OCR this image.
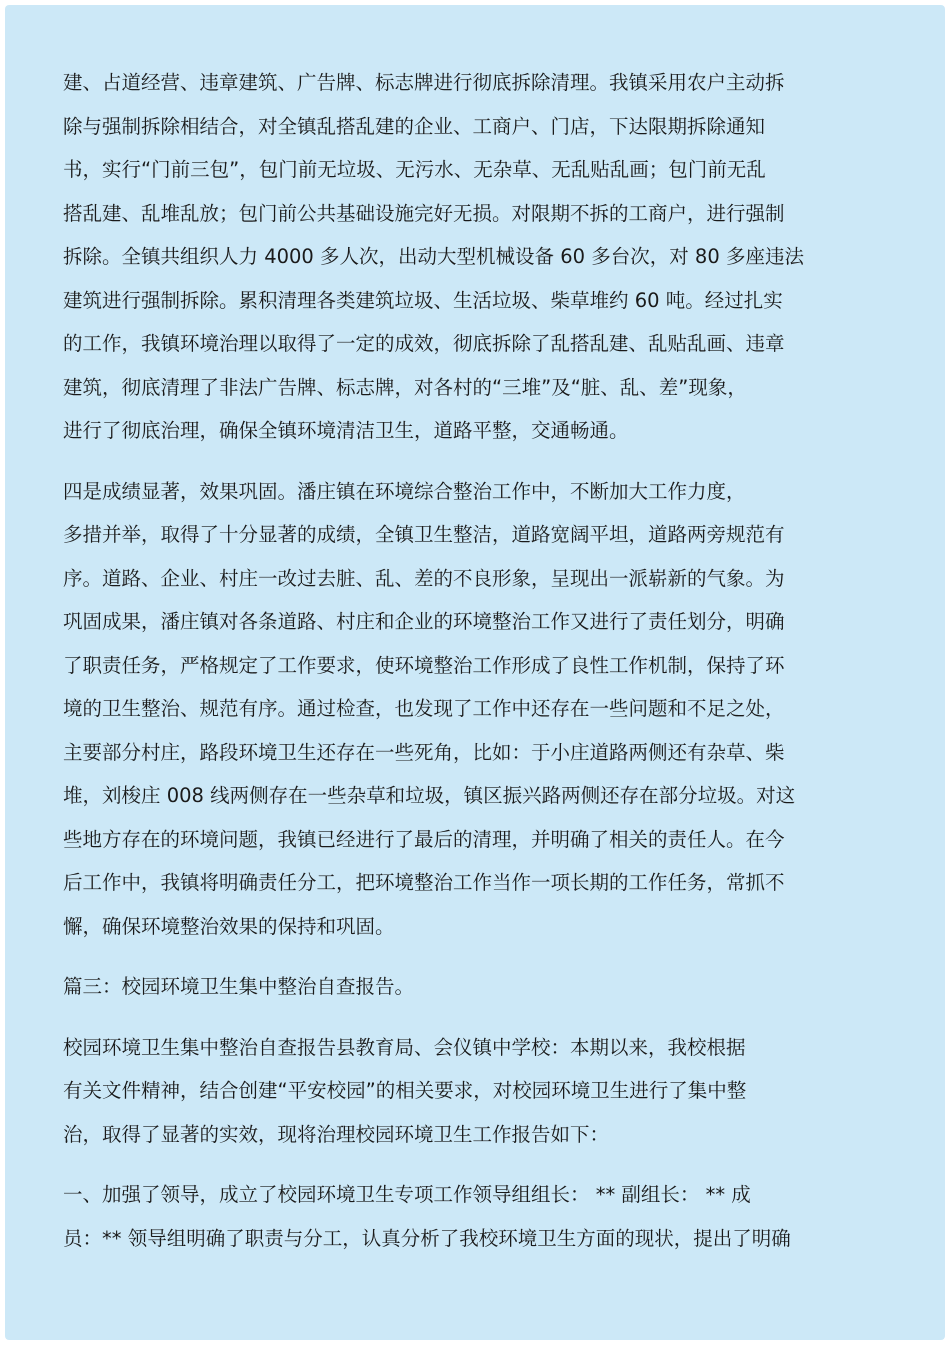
建、占道经营、违章建筑、广告牌、标志牌进行彻底拆除清理。我镇采用农户主动拆
除与强制拆除相结合，对全镇乱搭乱建的企业、工商户、门店，下达限期拆除通知
书，实行“门前三包”，包门前无垃圾、无污水、无杂草、无乱贴乱画；包门前无乱
搭乱建、乱堆乱放；包门前公共基础设施完好无损。对限期不拆的工商户，进行强制
拆除。全镇共组织人力 4000 多人次，出动大型机械设备 60 多台次，对 80 多座违法
建筑进行强制拆除。累积清理各类建筑垃圾、生活垃圾、柴草堆约 60 吨。经过扎实
的工作，我镇环境治理以取得了一定的成效，彻底拆除了乱搭乱建、乱贴乱画、违章
建筑，彻底清理了非法广告牌、标志牌，对各村的“三堆”及“脏、乱、差”现象，
进行了彻底治理，确保全镇环境清洁卫生，道路平整，交通畅通。
四是成绩显著，效果巩固。潘庄镇在环境综合整治工作中，不断加大工作力度，
多措并举，取得了十分显著的成绩，全镇卫生整洁，道路宽阔平坦，道路两旁规范有
序。道路、企业、村庄一改过去脏、乱、差的不良形象，呈现出一派崭新的气象。为
巩固成果，潘庄镇对各条道路、村庄和企业的环境整治工作又进行了责任划分，明确
了职责任务，严格规定了工作要求，使环境整治工作形成了良性工作机制，保持了环
境的卫生整治、规范有序。通过检查，也发现了工作中还存在一些问题和不足之处，
主要部分村庄，路段环境卫生还存在一些死角，比如：于小庄道路两侧还有杂草、柴
堆，刘梭庄 008 线两侧存在一些杂草和垃圾，镇区振兴路两侧还存在部分垃圾。对这
些地方存在的环境问题，我镇已经进行了最后的清理，并明确了相关的责任人。在今
后工作中，我镇将明确责任分工，把环境整治工作当作一项长期的工作任务，常抓不
懈，确保环境整治效果的保持和巩固。
篇三：校园环境卫生集中整治自查报告。
校园环境卫生集中整治自查报告县教育局、会仪镇中学校：本期以来，我校根据
有关文件精神，结合创建“平安校园”的相关要求，对校园环境卫生进行了集中整
治，取得了显著的实效，现将治理校园环境卫生工作报告如下：
一、加强了领导，成立了校园环境卫生专项工作领导组组长： ** 副组长： ** 成
员：** 领导组明确了职责与分工，认真分析了我校环境卫生方面的现状，提出了明确
